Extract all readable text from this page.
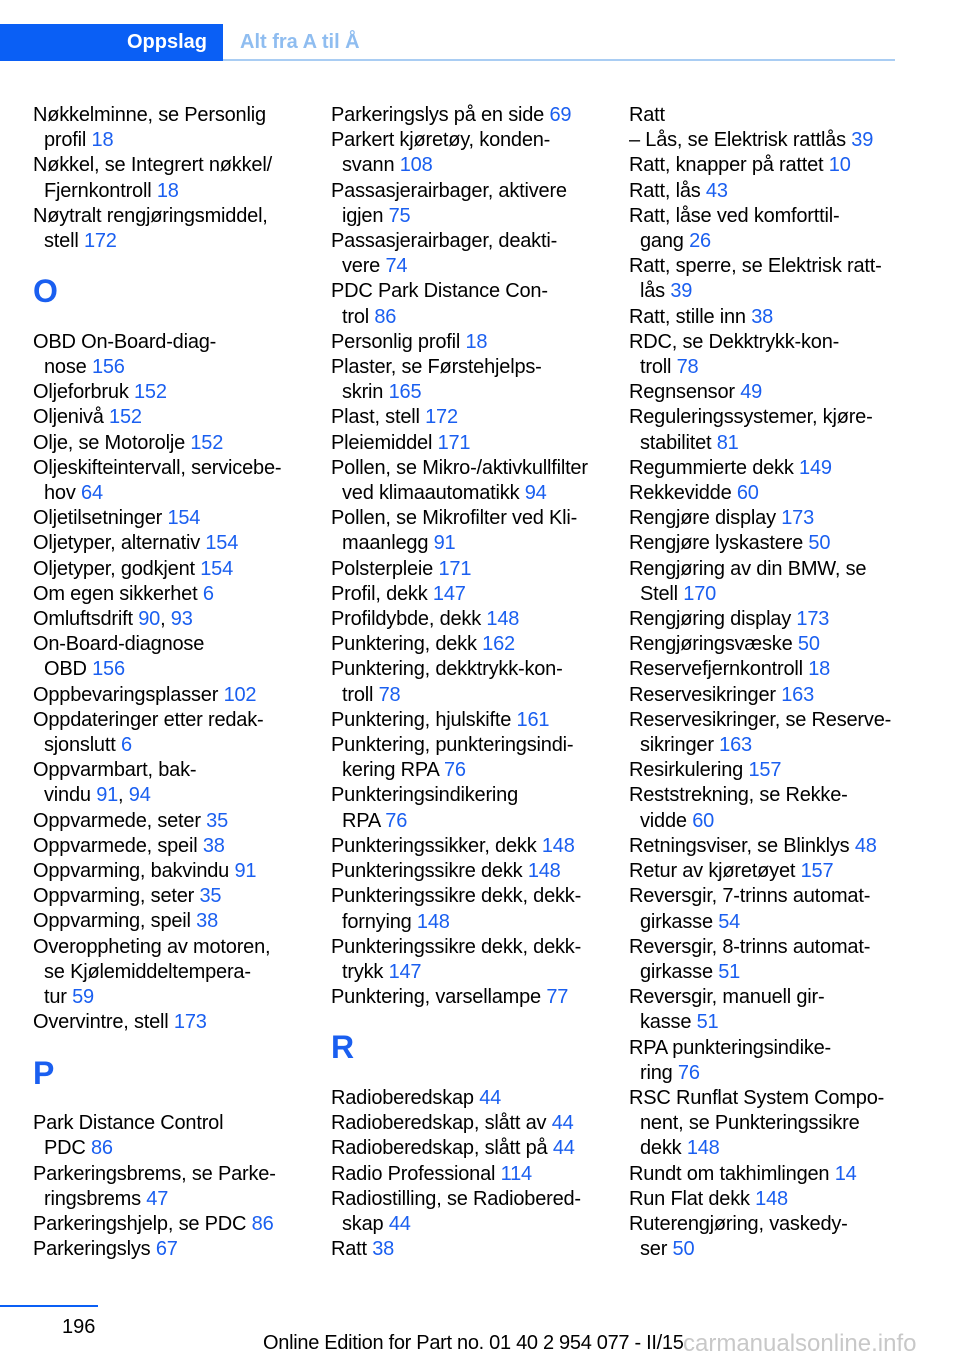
Oppslag	Alt fra A til Å
Nøkkelminne, se Personlig
profil 18
Nøkkel, se Integrert nøkkel/
Fjernkontroll 18
Nøytralt rengjøringsmiddel,
stell 172
O
OBD On-Board-diag-
nose 156
Oljeforbruk 152
Oljenivå 152
Olje, se Motorolje 152
Oljeskifteintervall, servicebe-
hov 64
Oljetilsetninger 154
Oljetyper, alternativ 154
Oljetyper, godkjent 154
Om egen sikkerhet 6
Omluftsdrift 90, 93
On-Board-diagnose
OBD 156
Oppbevaringsplasser 102
Oppdateringer etter redak-
sjonslutt 6
Oppvarmbart, bak-
vindu 91, 94
Oppvarmede, seter 35
Oppvarmede, speil 38
Oppvarming, bakvindu 91
Oppvarming, seter 35
Oppvarming, speil 38
Overoppheting av motoren,
se Kjølemiddeltempera-
tur 59
Overvintre, stell 173
P
Park Distance Control
PDC 86
Parkeringsbrems, se Parke-
ringsbrems 47
Parkeringshjelp, se PDC 86
Parkeringslys 67
Parkeringslys på en side 69
Parkert kjøretøy, konden-
svann 108
Passasjerairbager, aktivere
igjen 75
Passasjerairbager, deakti-
vere 74
PDC Park Distance Con-
trol 86
Personlig profil 18
Plaster, se Førstehjelps-
skrin 165
Plast, stell 172
Pleiemiddel 171
Pollen, se Mikro-/aktivkullfilter
ved klimaautomatikk 94
Pollen, se Mikrofilter ved Kli-
maanlegg 91
Polsterpleie 171
Profil, dekk 147
Profildybde, dekk 148
Punktering, dekk 162
Punktering, dekktrykk-kon-
troll 78
Punktering, hjulskifte 161
Punktering, punkteringsindi-
kering RPA 76
Punkteringsindikering
RPA 76
Punkteringssikker, dekk 148
Punkteringssikre dekk 148
Punkteringssikre dekk, dekk-
fornying 148
Punkteringssikre dekk, dekk-
trykk 147
Punktering, varsellampe 77
R
Radioberedskap 44
Radioberedskap, slått av 44
Radioberedskap, slått på 44
Radio Professional 114
Radiostilling, se Radiobered-
skap 44
Ratt 38
Ratt
– Lås, se Elektrisk rattlås 39
Ratt, knapper på rattet 10
Ratt, lås 43
Ratt, låse ved komforttil-
gang 26
Ratt, sperre, se Elektrisk ratt-
lås 39
Ratt, stille inn 38
RDC, se Dekktrykk-kon-
troll 78
Regnsensor 49
Reguleringssystemer, kjøre-
stabilitet 81
Regummierte dekk 149
Rekkevidde 60
Rengjøre display 173
Rengjøre lyskastere 50
Rengjøring av din BMW, se
Stell 170
Rengjøring display 173
Rengjøringsvæske 50
Reservefjernkontroll 18
Reservesikringer 163
Reservesikringer, se Reserve-
sikringer 163
Resirkulering 157
Reststrekning, se Rekke-
vidde 60
Retningsviser, se Blinklys 48
Retur av kjøretøyet 157
Reversgir, 7-trinns automat-
girkasse 54
Reversgir, 8-trinns automat-
girkasse 51
Reversgir, manuell gir-
kasse 51
RPA punkteringsindike-
ring 76
RSC Runflat System Compo-
nent, se Punkteringssikre
dekk 148
Rundt om takhimlingen 14
Run Flat dekk 148
Ruterengjøring, vaskedy-
ser 50
196
Online Edition for Part no. 01 40 2 954 077 - II/15 carmanualsonline.info
